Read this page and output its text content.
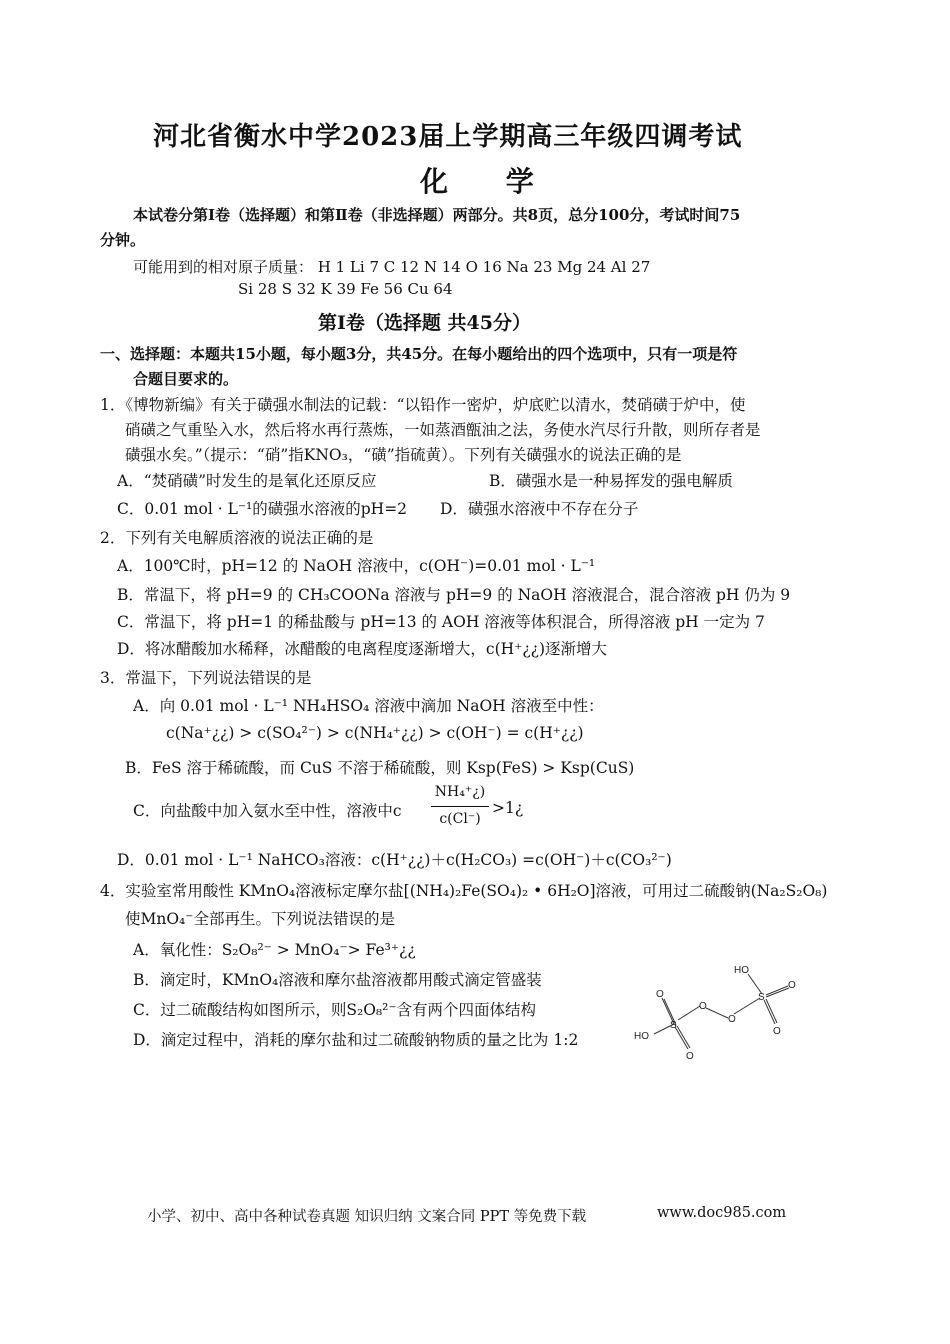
河北省衡水中学2023届上学期高三年级四调考试
化 学
本试卷分第Ⅰ卷（选择题）和第Ⅱ卷（非选择题）两部分。共8页，总分100分，考试时间75
分钟。
可能用到的相对原子质量： H 1 Li 7 C 12 N 14 O 16 Na 23 Mg 24 Al 27
Si 28 S 32 K 39 Fe 56 Cu 64
第Ⅰ卷（选择题 共45分）
一、选择题：本题共15小题，每小题3分，共45分。在每小题给出的四个选项中，只有一项是符
合题目要求的。
1．《博物新编》有关于磺强水制法的记载：“以铅作一密炉，炉底贮以清水，焚硝磺于炉中，使
硝磺之气重坠入水，然后将水再行蒸炼，一如蒸酒甑油之法，务使水汽尽行升散，则所存者是
磺强水矣。”（提示：“硝”指KNO₃，“磺”指硫黄）。下列有关磺强水的说法正确的是
A．“焚硝磺”时发生的是氧化还原反应	B．磺强水是一种易挥发的强电解质
C．0.01 mol · L⁻¹的磺强水溶液的pH=2 D．磺强水溶液中不存在分子
2．下列有关电解质溶液的说法正确的是
A．100℃时，pH=12 的 NaOH 溶液中，c(OH⁻)=0.01 mol · L⁻¹
B．常温下，将 pH=9 的 CH₃COONa 溶液与 pH=9 的 NaOH 溶液混合，混合溶液 pH 仍为 9
C．常温下，将 pH=1 的稀盐酸与 pH=13 的 AOH 溶液等体积混合，所得溶液 pH 一定为 7
D．将冰醋酸加水稀释，冰醋酸的电离程度逐渐增大，c(H⁺¿¿)逐渐增大
3．常温下，下列说法错误的是
A．向 0.01 mol · L⁻¹ NH₄HSO₄ 溶液中滴加 NaOH 溶液至中性：
c(Na⁺¿¿) > c(SO₄²⁻) > c(NH₄⁺¿¿) > c(OH⁻) = c(H⁺¿¿)
B．FeS 溶于稀硫酸，而 CuS 不溶于稀硫酸，则 Ksp(FeS) > Ksp(CuS)
C．向盐酸中加入氨水至中性，溶液中c
NH₄⁺¿)
c(Cl⁻)
>1¿
D．0.01 mol · L⁻¹ NaHCO₃溶液：c(H⁺¿¿)＋c(H₂CO₃) =c(OH⁻)＋c(CO₃²⁻)
4．实验室常用酸性 KMnO₄溶液标定摩尔盐[(NH₄)₂Fe(SO₄)₂ • 6H₂O]溶液，可用过二硫酸钠(Na₂S₂O₈)
使MnO₄⁻全部再生。下列说法错误的是
A．氧化性：S₂O₈²⁻ > MnO₄⁻> Fe³⁺¿¿
B．滴定时，KMnO₄溶液和摩尔盐溶液都用酸式滴定管盛装
C．过二硫酸结构如图所示，则S₂O₈²⁻含有两个四面体结构
D．滴定过程中，消耗的摩尔盐和过二硫酸钠物质的量之比为 1:2	HO
O
S
O
O
O
S
HO
O
O
小学、初中、高中各种试卷真题 知识归纳 文案合同 PPT 等免费下载	www.doc985.com
